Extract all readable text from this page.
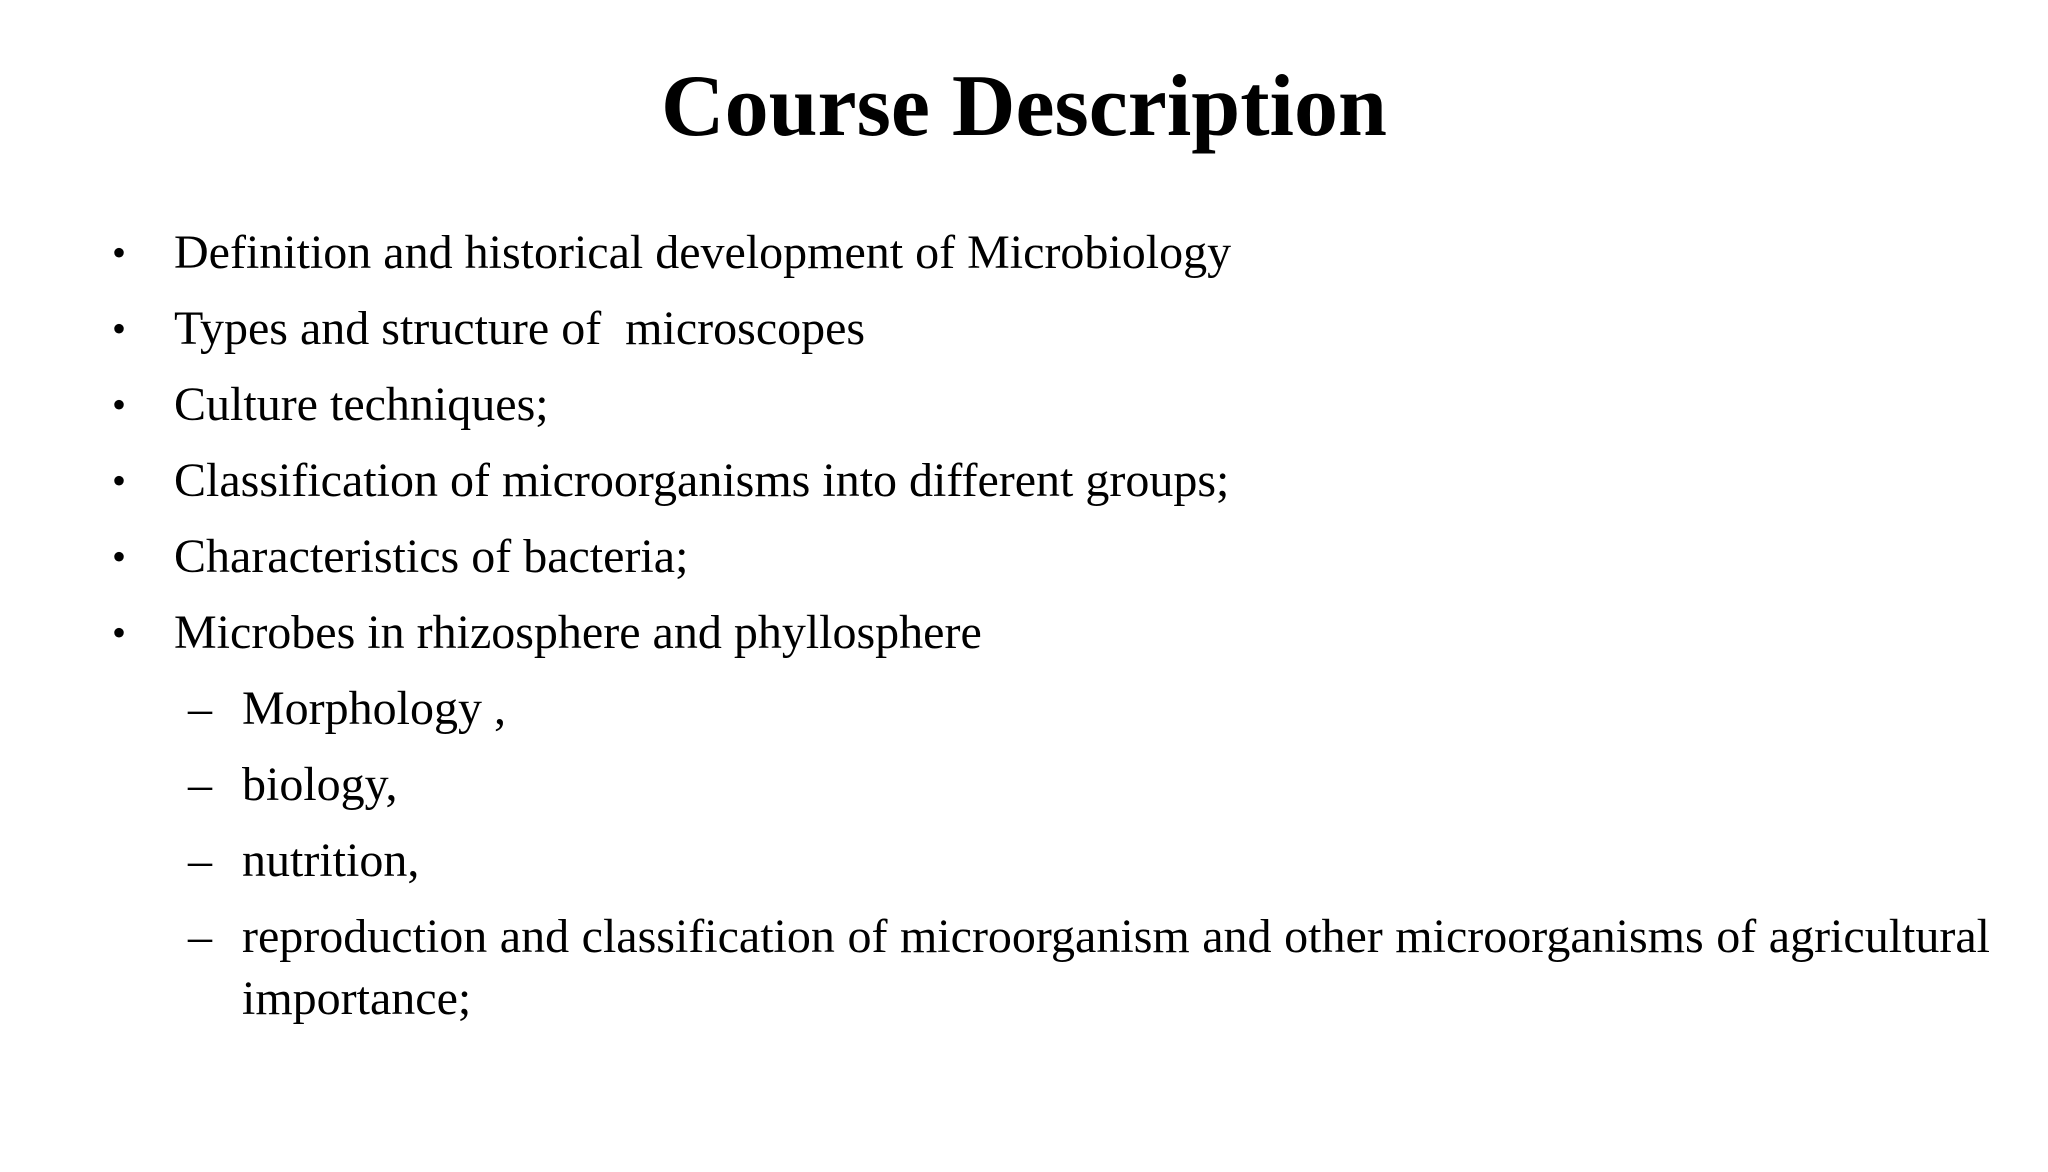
Course Description
• Definition and historical development of Microbiology
• Types and structure of  microscopes
• Culture techniques;
• Classification of microorganisms into different groups;
• Characteristics of bacteria;
• Microbes in rhizosphere and phyllosphere
– Morphology ,
– biology,
– nutrition,
– reproduction and classification of microorganism and other microorganisms of agricultural importance;
